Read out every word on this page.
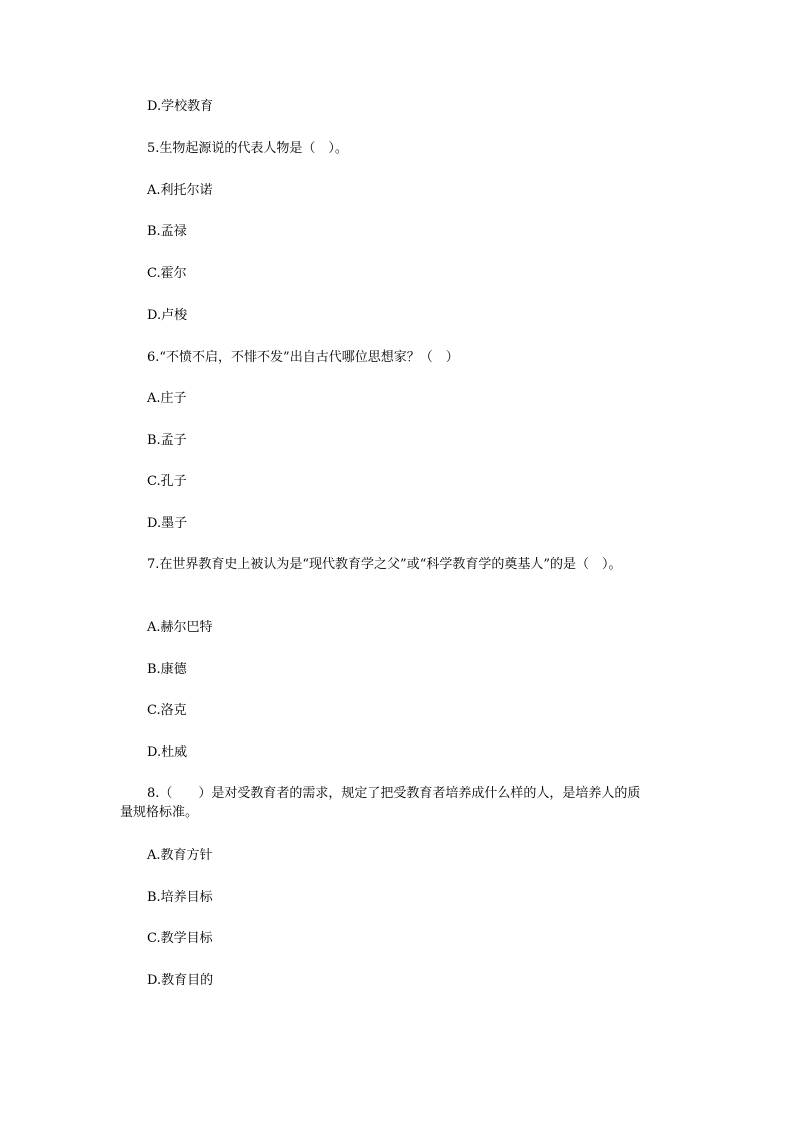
D.学校教育
5.生物起源说的代表人物是（　）。
A.利托尔诺
B.孟禄
C.霍尔
D.卢梭
6.“不愤不启，不悱不发”出自古代哪位思想家？（　）
A.庄子
B.孟子
C.孔子
D.墨子
7.在世界教育史上被认为是“现代教育学之父”或“科学教育学的奠基人”的是（　）。
A.赫尔巴特
B.康德
C.洛克
D.杜威
8.（　　）是对受教育者的需求，规定了把受教育者培养成什么样的人，是培养人的质
量规格标准。
A.教育方针
B.培养目标
C.教学目标
D.教育目的
